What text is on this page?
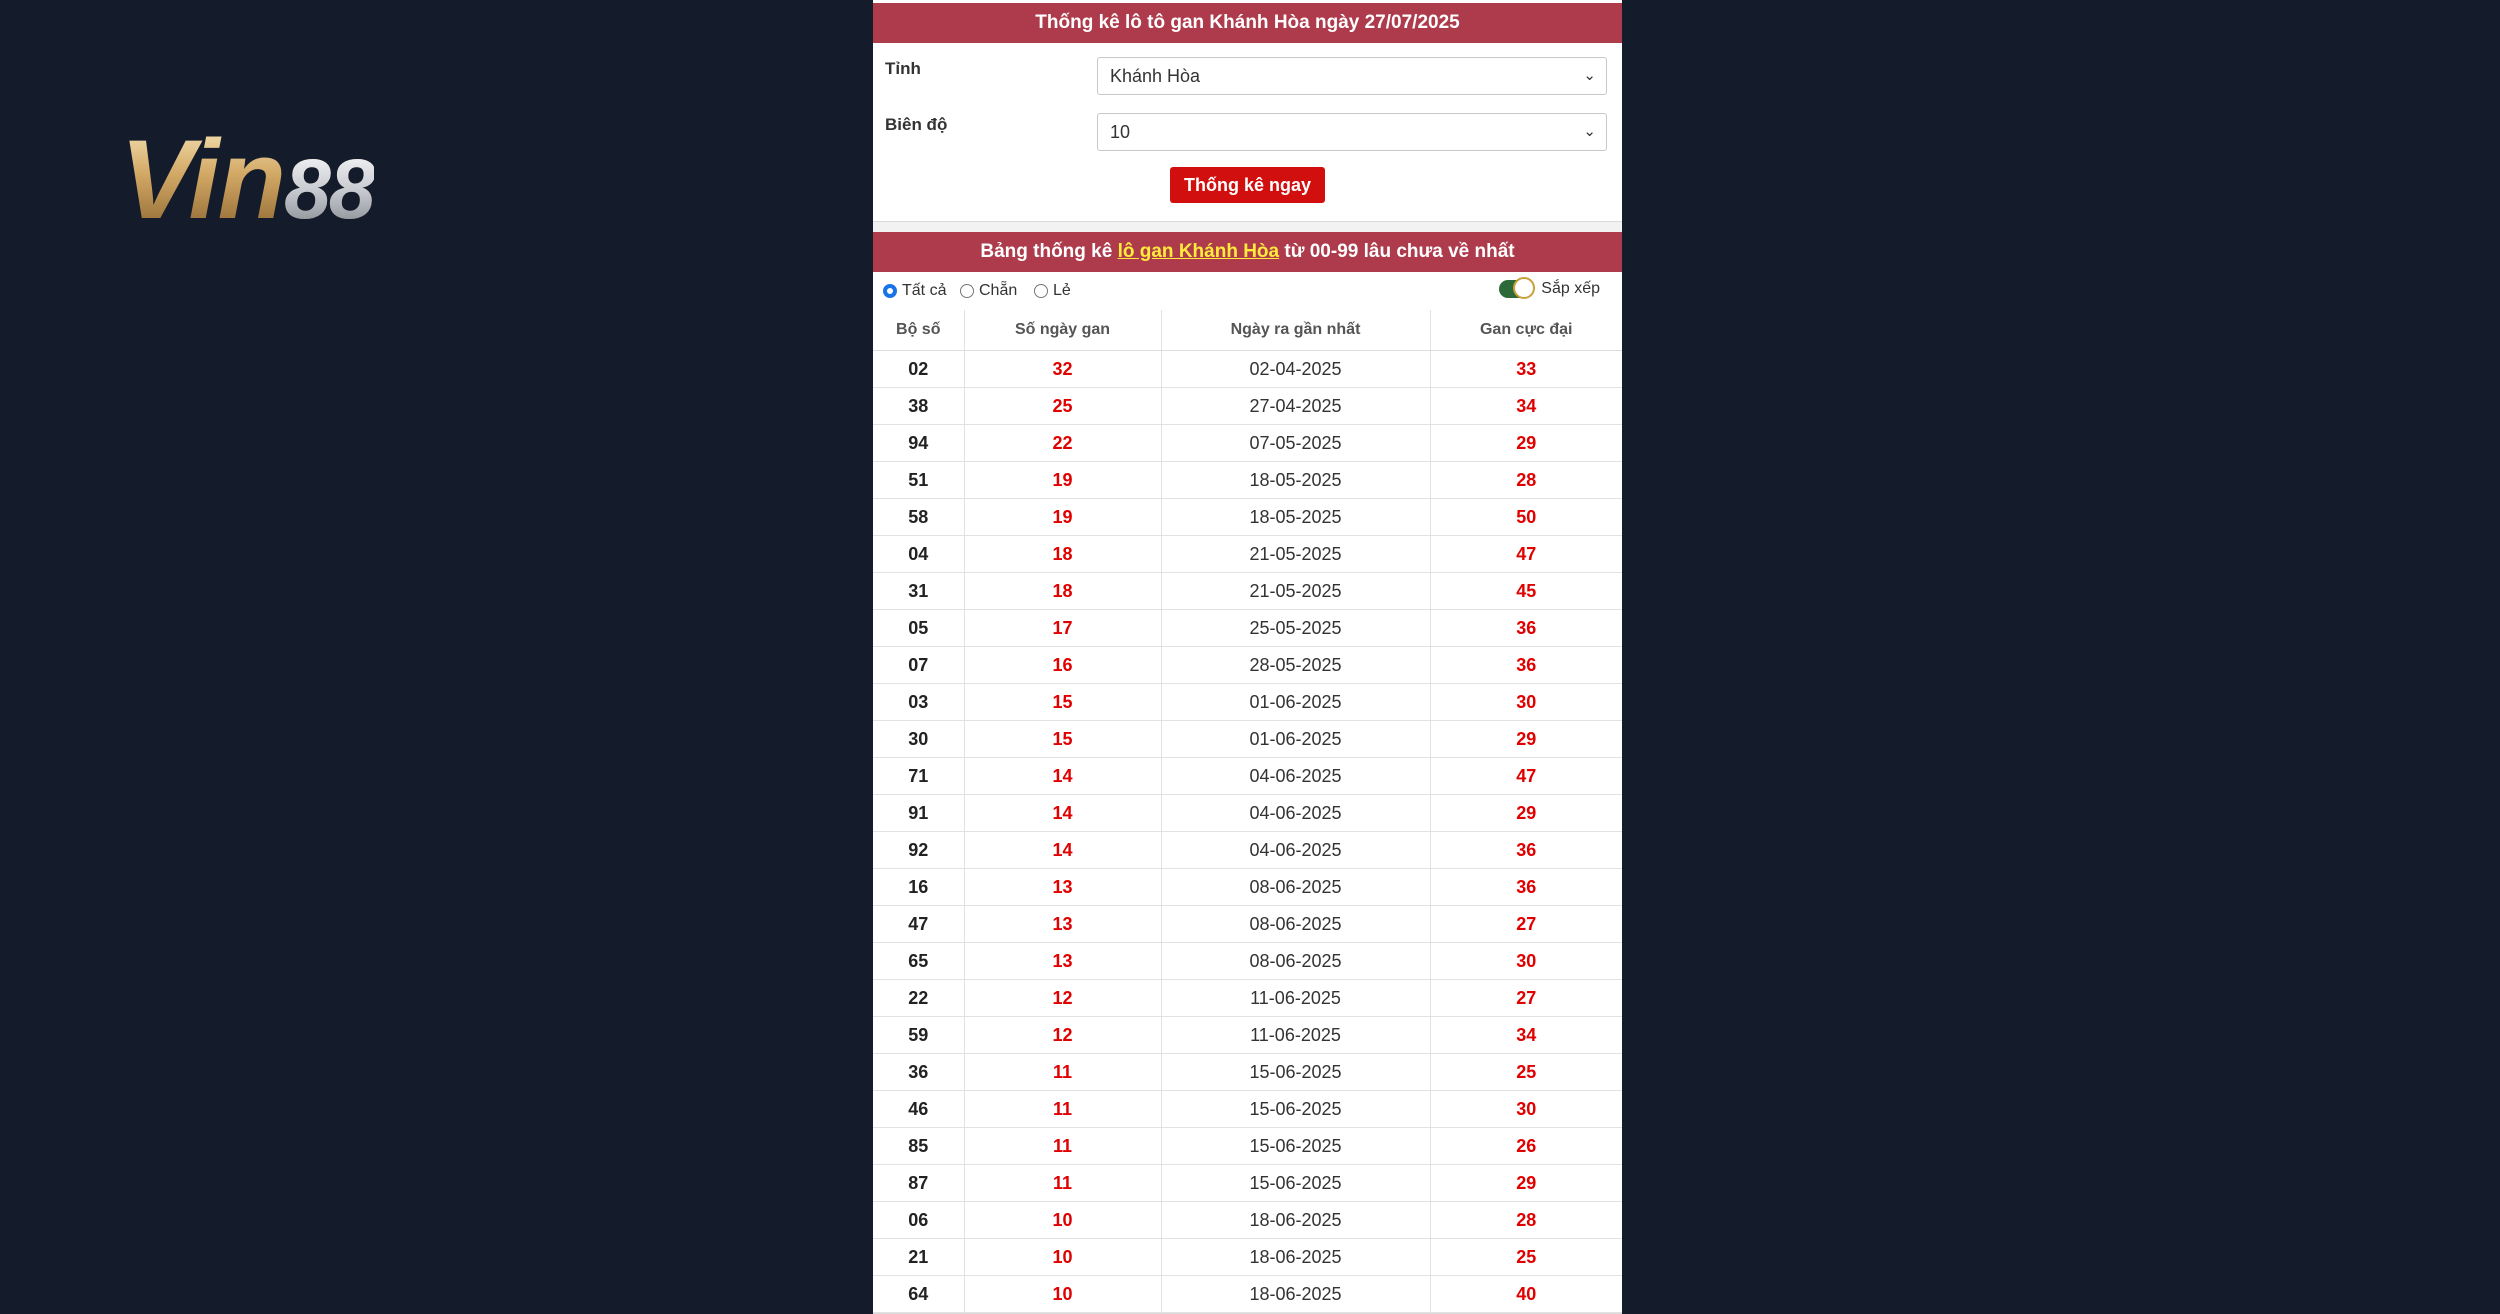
Vin88
Thống kê lô tô gan Khánh Hòa ngày 27/07/2025
Tỉnh	Khánh Hòa	⌄
Biên độ	10	⌄
Thống kê ngay
Bảng thống kê lô gan Khánh Hòa từ 00-99 lâu chưa về nhất
Tất cả Chẵn Lẻ	Sắp xếp
Bộ số	Số ngày gan	Ngày ra gần nhất	Gan cực đại
02	32	02-04-2025	33
38	25	27-04-2025	34
94	22	07-05-2025	29
51	19	18-05-2025	28
58	19	18-05-2025	50
04	18	21-05-2025	47
31	18	21-05-2025	45
05	17	25-05-2025	36
07	16	28-05-2025	36
03	15	01-06-2025	30
30	15	01-06-2025	29
71	14	04-06-2025	47
91	14	04-06-2025	29
92	14	04-06-2025	36
16	13	08-06-2025	36
47	13	08-06-2025	27
65	13	08-06-2025	30
22	12	11-06-2025	27
59	12	11-06-2025	34
36	11	15-06-2025	25
46	11	15-06-2025	30
85	11	15-06-2025	26
87	11	15-06-2025	29
06	10	18-06-2025	28
21	10	18-06-2025	25
64	10	18-06-2025	40
